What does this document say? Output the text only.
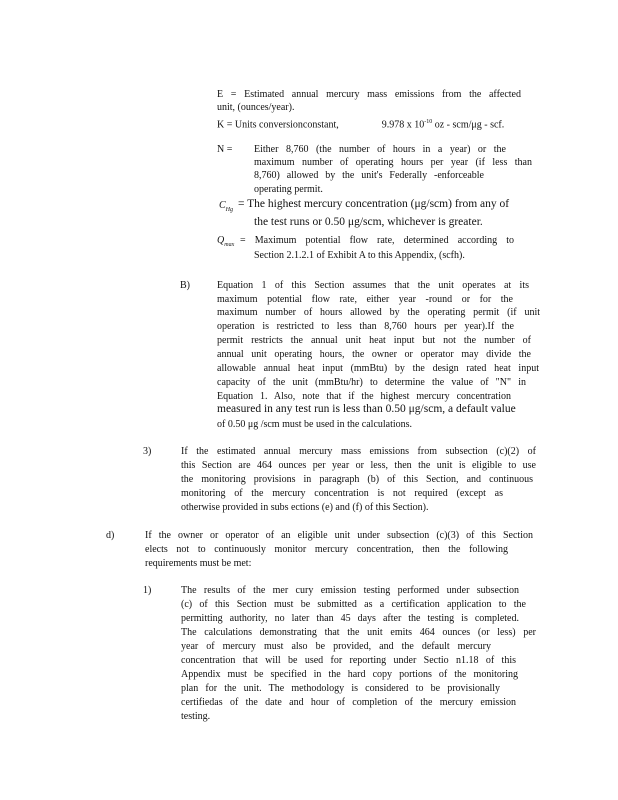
E = Estimated annual mercury mass emissions from the affected
unit, (ounces/year).
K = Units conversionconstant,	9.978 x $10^{-10}$ oz - scm/μg - scf.
N = Either 8,760 (the number of hours in a year) or the
maximum number of operating hours per year (if less than
8,760) allowed by the unit's Federally -enforceable
operating permit.
$C_{Hg}$ = The highest mercury concentration (μg/scm) from any of
the test runs or 0.50 μg/scm, whichever is greater.
$Q_{max}$ = Maximum potential flow rate, determined according to
Section 2.1.2.1 of Exhibit A to this Appendix, (scfh).
B)	Equation 1 of this Section assumes that the unit operates at its
maximum potential flow rate, either year -round or for the
maximum number of hours allowed by the operating permit (if unit
operation is restricted to less than 8,760 hours per year).If the
permit restricts the annual unit heat input but not the number of
annual unit operating hours, the owner or operator may divide the
allowable annual heat input (mmBtu) by the design rated heat input
capacity of the unit (mmBtu/hr) to determine the value of "N" in
Equation 1. Also, note that if the highest mercury concentration
measured in any test run is less than 0.50 μg/scm, a default value
of 0.50 μg /scm must be used in the calculations.
3)	If the estimated annual mercury mass emissions from subsection (c)(2) of
this Section are 464 ounces per year or less, then the unit is eligible to use
the monitoring provisions in paragraph (b) of this Section, and continuous
monitoring of the mercury concentration is not required (except as
otherwise provided in subs ections (e) and (f) of this Section).
d)	If the owner or operator of an eligible unit under subsection (c)(3) of this Section
elects not to continuously monitor mercury concentration, then the following
requirements must be met:
1)	The results of the mer cury emission testing performed under subsection
(c) of this Section must be submitted as a certification application to the
permitting authority, no later than 45 days after the testing is completed.
The calculations demonstrating that the unit emits 464 ounces (or less) per
year of mercury must also be provided, and the default mercury
concentration that will be used for reporting under Sectio n1.18 of this
Appendix must be specified in the hard copy portions of the monitoring
plan for the unit. The methodology is considered to be provisionally
certifiedas of the date and hour of completion of the mercury emission
testing.
